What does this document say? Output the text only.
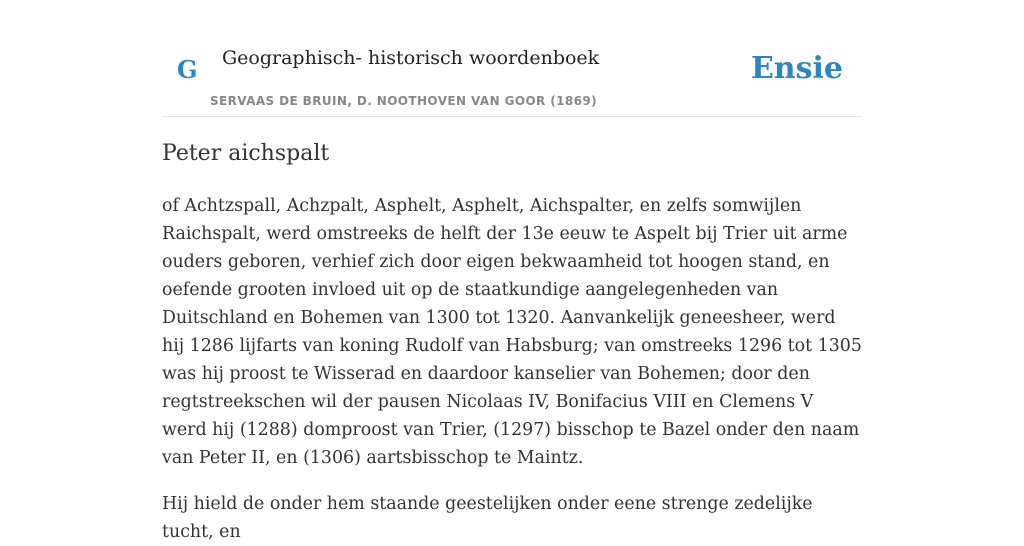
G Geographisch- historisch woordenboek
SERVAAS DE BRUIN, D. NOOTHOVEN VAN GOOR (1869)
Ensie
Peter aichspalt

of Achtzspall, Achzpalt, Asphelt, Asphelt, Aichspalter, en zelfs somwijlen Raichspalt, werd omstreeks de helft der 13e eeuw te Aspelt bij Trier uit arme ouders geboren, verhief zich door eigen bekwaamheid tot hoogen stand, en oefende grooten invloed uit op de staatkundige aangelegenheden van Duitschland en Bohemen van 1300 tot 1320. Aanvankelijk geneesheer, werd hij 1286 lijfarts van koning Rudolf van Habsburg; van omstreeks 1296 tot 1305 was hij proost te Wisserad en daardoor kanselier van Bohemen; door den regtstreekschen wil der pausen Nicolaas IV, Bonifacius VIII en Clemens V werd hij (1288) domproost van Trier, (1297) bisschop te Bazel onder den naam van Peter II, en (1306) aartsbisschop te Maintz.

Hij hield de onder hem staande geestelijken onder eene strenge zedelijke tucht, en
